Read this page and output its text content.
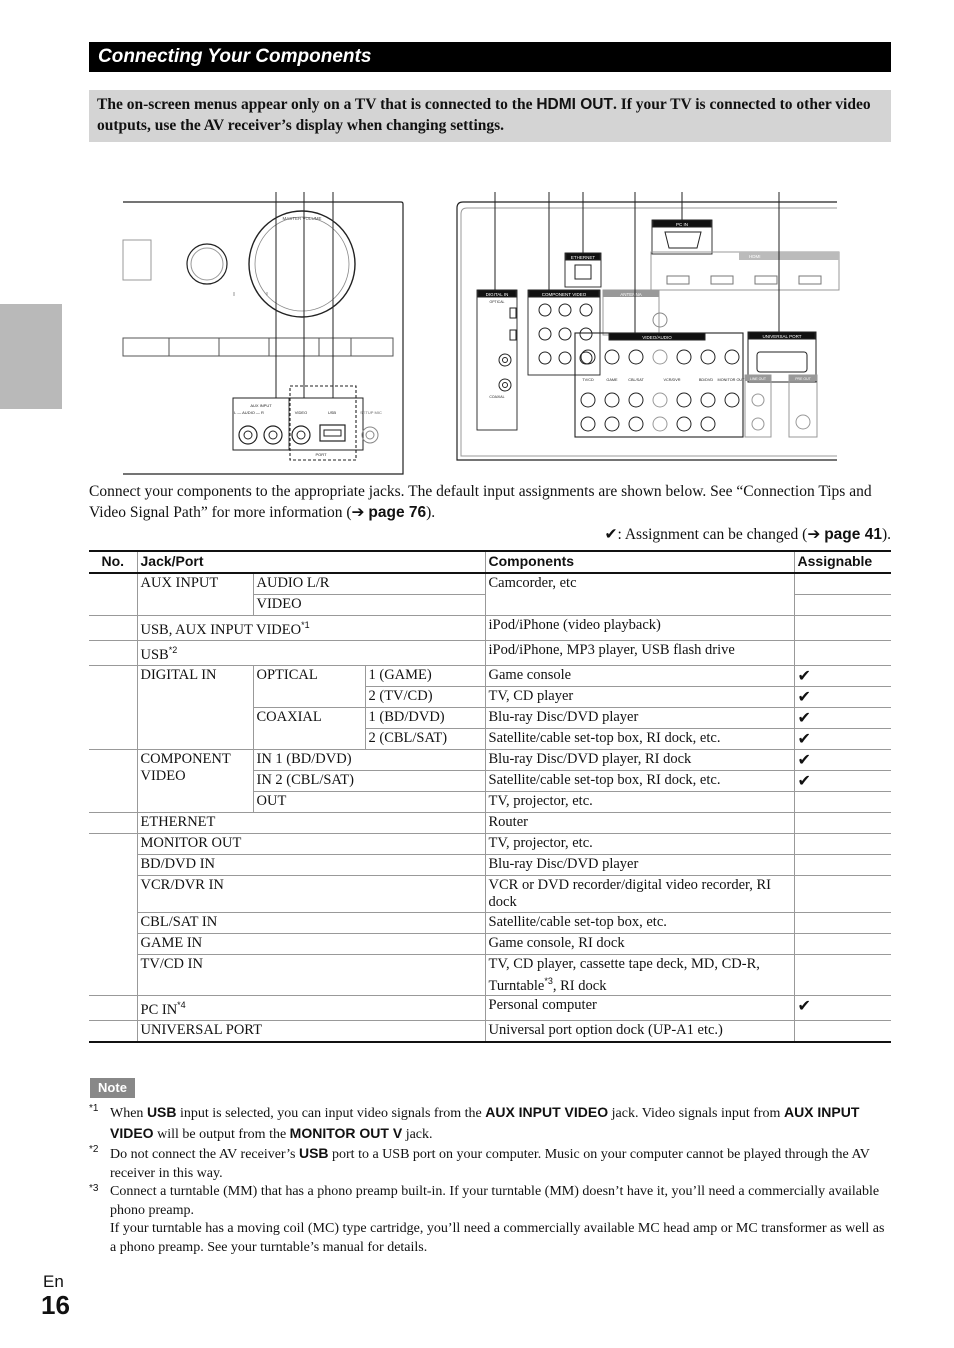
Connecting Your Components
The on-screen menus appear only on a TV that is connected to the HDMI OUT. If your TV is connected to other video outputs, use the AV receiver’s display when changing settings.
MASTER VOLUME
AUX INPUT
L — AUDIO — R	VIDEO	USB
PORT
SETUP MIC
DIGITAL IN
OPTICAL
COAXIAL
COMPONENT VIDEO
ETHERNET
PC IN
HDMI
ANTENNA
VIDEO/AUDIO
TV/CD	GAME	CBL/SAT	VCR/DVR	BD/DVD MONITOR OUT
UNIVERSAL PORT
LINE OUT	PRE OUT
Connect your components to the appropriate jacks. The default input assignments are shown below. See “Connection Tips and Video Signal Path” for more information (➔ page 76).
✔: Assignment can be changed (➔ page 41).
No.	Jack/Port			Components	Assignable
	AUX INPUT	AUDIO L/R		Camcorder, etc	
		VIDEO			
	USB, AUX INPUT VIDEO$^{*1}$			iPod/iPhone (video playback)	
	USB$^{*2}$			iPod/iPhone, MP3 player, USB flash drive	
	DIGITAL IN	OPTICAL	1 (GAME)	Game console	✔
			2 (TV/CD)	TV, CD player	✔
		COAXIAL	1 (BD/DVD)	Blu-ray Disc/DVD player	✔
			2 (CBL/SAT)	Satellite/cable set-top box, RI dock, etc.	✔
	COMPONENT VIDEO	IN 1 (BD/DVD)		Blu-ray Disc/DVD player, RI dock	✔
		IN 2 (CBL/SAT)		Satellite/cable set-top box, RI dock, etc.	✔
		OUT		TV, projector, etc.	
	ETHERNET			Router	
	MONITOR OUT			TV, projector, etc.	
	BD/DVD IN			Blu-ray Disc/DVD player	
	VCR/DVR IN			VCR or DVD recorder/digital video recorder, RI dock	
	CBL/SAT IN			Satellite/cable set-top box, etc.	
	GAME IN			Game console, RI dock	
	TV/CD IN			TV, CD player, cassette tape deck, MD, CD-R, Turntable$^{*3}$, RI dock	
	PC IN$^{*4}$			Personal computer	✔
	UNIVERSAL PORT			Universal port option dock (UP-A1 etc.)	
Note

*1 When USB input is selected, you can input video signals from the AUX INPUT VIDEO jack. Video signals input from AUX INPUT VIDEO will be output from the MONITOR OUT V jack.

*2 Do not connect the AV receiver’s USB port to a USB port on your computer. Music on your computer cannot be played through the AV receiver in this way.

*3 Connect a turntable (MM) that has a phono preamp built-in. If your turntable (MM) doesn’t have it, you’ll need a commercially available phono preamp.
If your turntable has a moving coil (MC) type cartridge, you’ll need a commercially available MC head amp or MC transformer as well as a phono preamp. See your turntable’s manual for details.

En
16
